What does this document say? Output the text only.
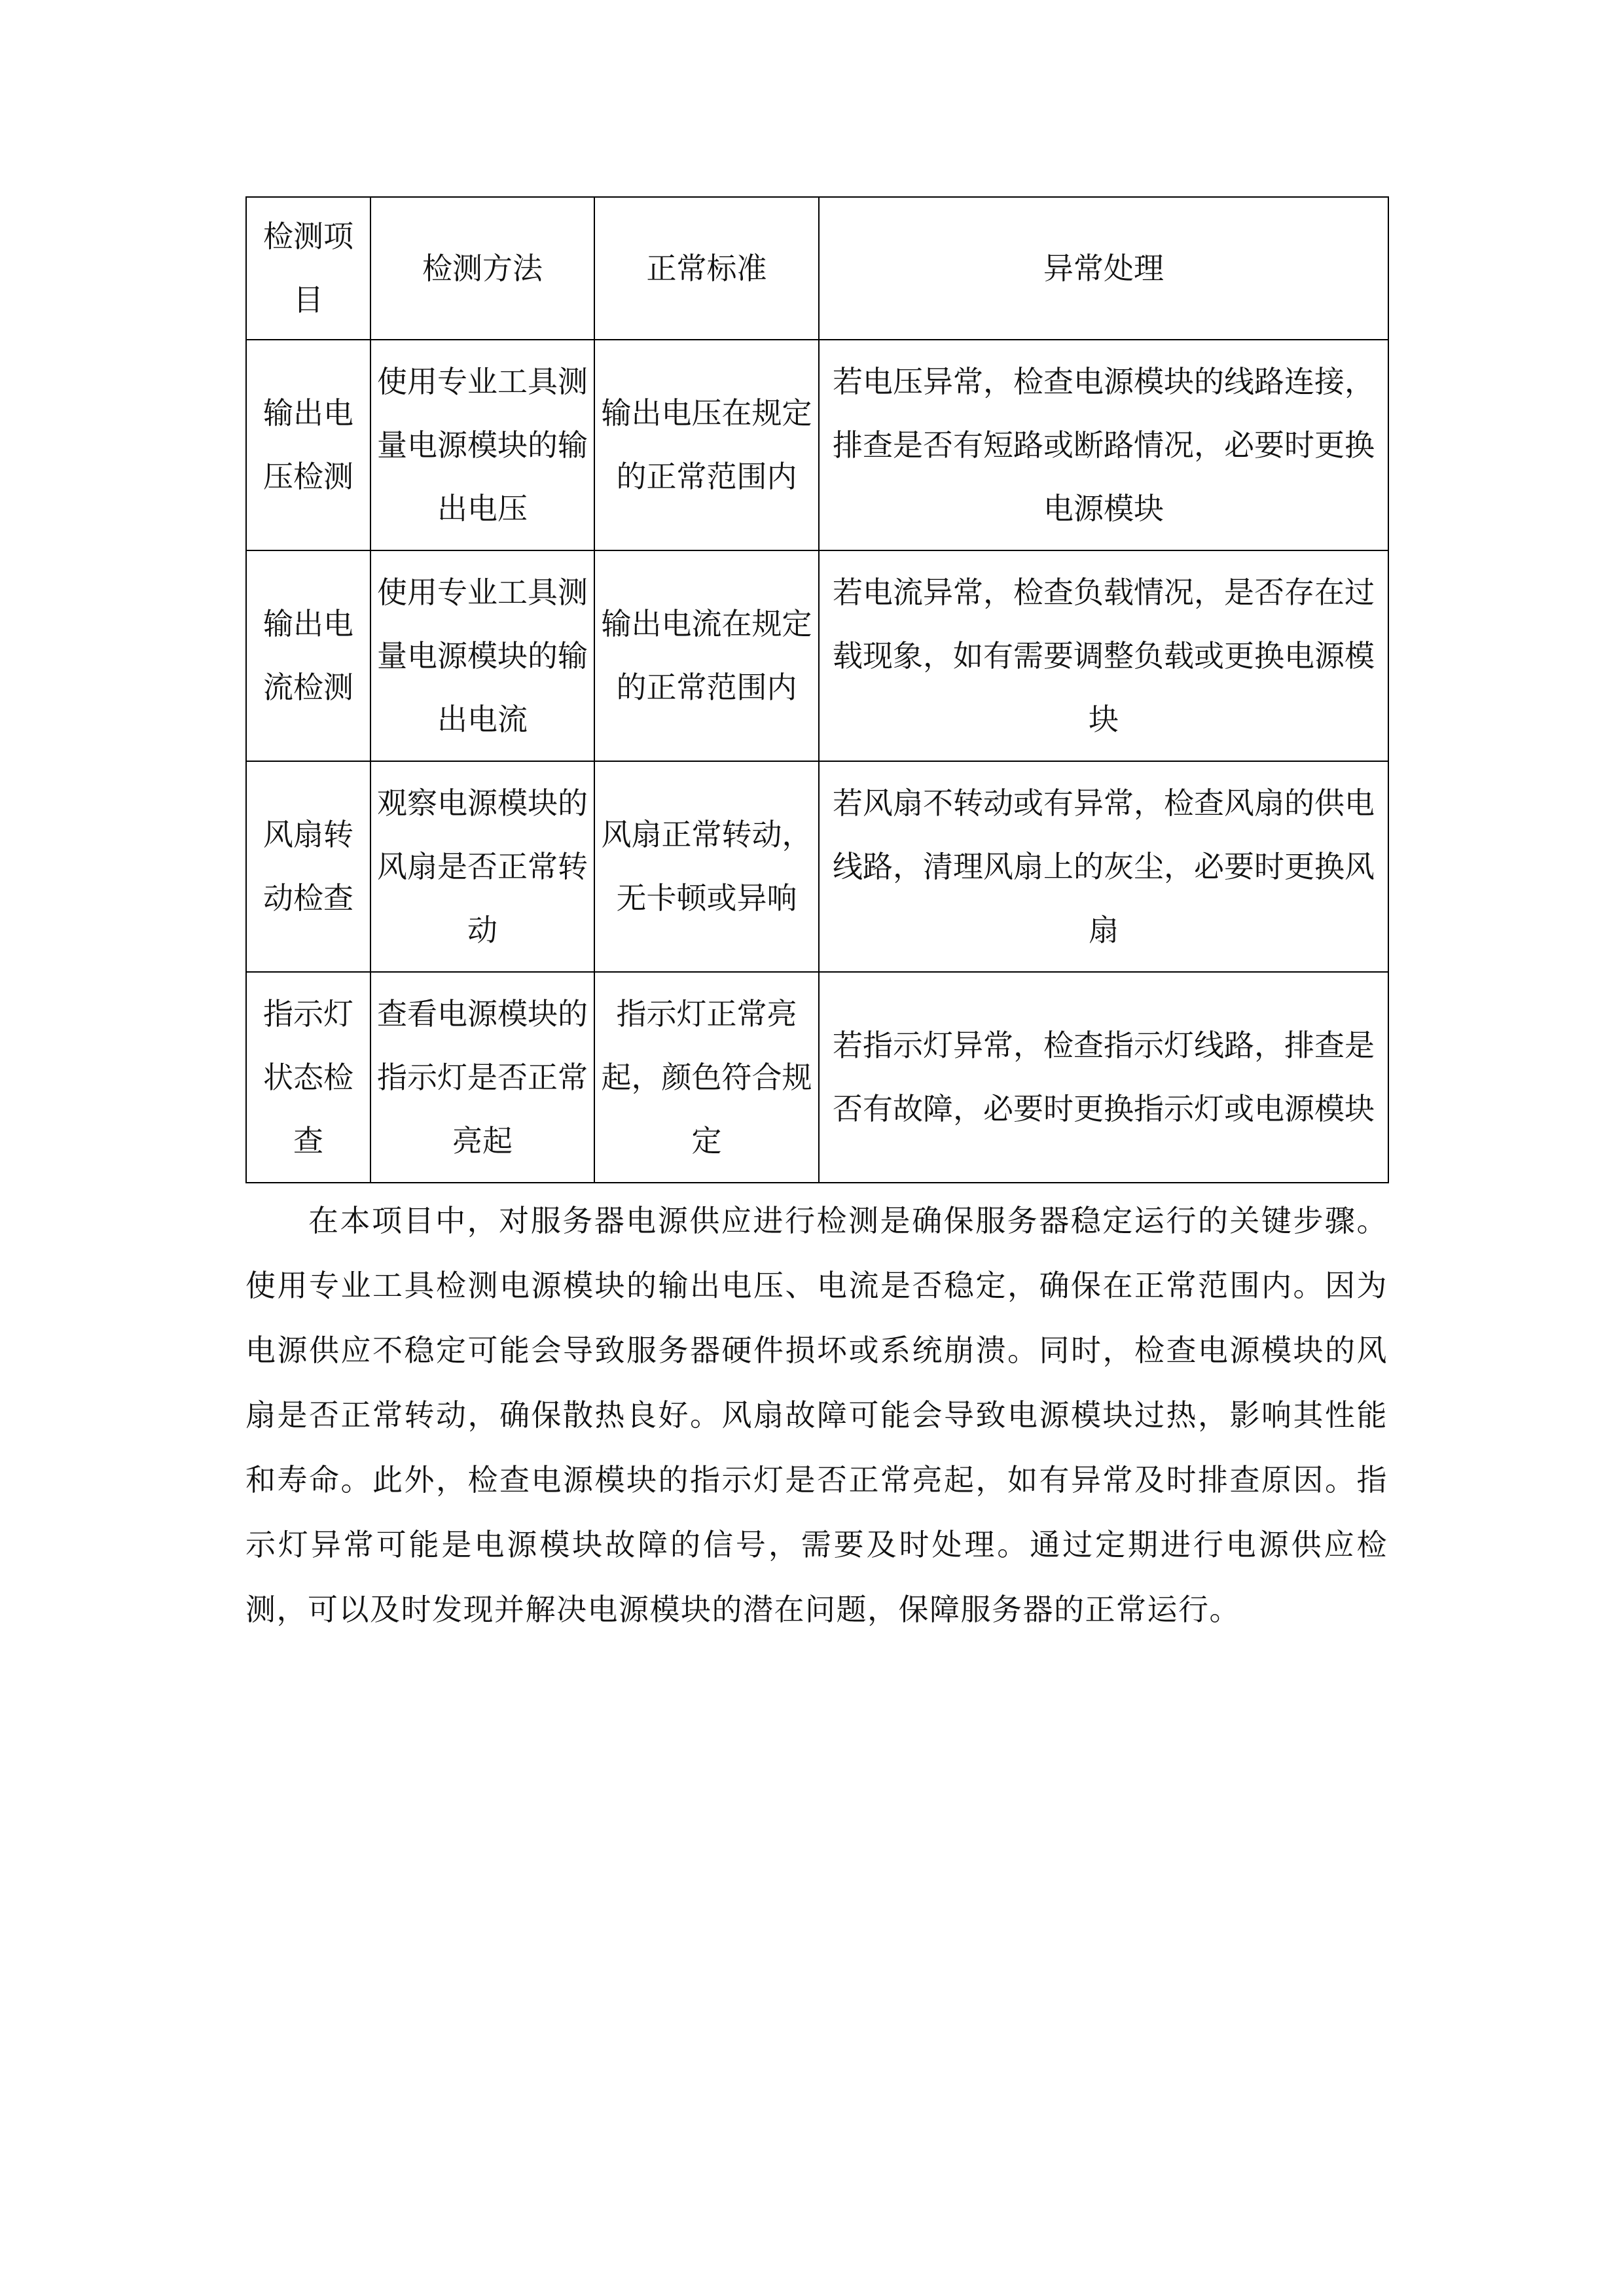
检测项目	检测方法	正常标准	异常处理
输出电压检测	使用专业工具测量电源模块的输出电压	输出电压在规定的正常范围内	若电压异常，检查电源模块的线路连接，排查是否有短路或断路情况，必要时更换电源模块
输出电流检测	使用专业工具测量电源模块的输出电流	输出电流在规定的正常范围内	若电流异常，检查负载情况，是否存在过载现象，如有需要调整负载或更换电源模块
风扇转动检查	观察电源模块的风扇是否正常转动	风扇正常转动，无卡顿或异响	若风扇不转动或有异常，检查风扇的供电线路，清理风扇上的灰尘，必要时更换风扇
指示灯状态检查	查看电源模块的指示灯是否正常亮起	指示灯正常亮起，颜色符合规定	若指示灯异常，检查指示灯线路，排查是否有故障，必要时更换指示灯或电源模块

在本项目中，对服务器电源供应进行检测是确保服务器稳定运行的关键步骤。使用专业工具检测电源模块的输出电压、电流是否稳定，确保在正常范围内。因为电源供应不稳定可能会导致服务器硬件损坏或系统崩溃。同时，检查电源模块的风扇是否正常转动，确保散热良好。风扇故障可能会导致电源模块过热，影响其性能和寿命。此外，检查电源模块的指示灯是否正常亮起，如有异常及时排查原因。指示灯异常可能是电源模块故障的信号，需要及时处理。通过定期进行电源供应检测，可以及时发现并解决电源模块的潜在问题，保障服务器的正常运行。
